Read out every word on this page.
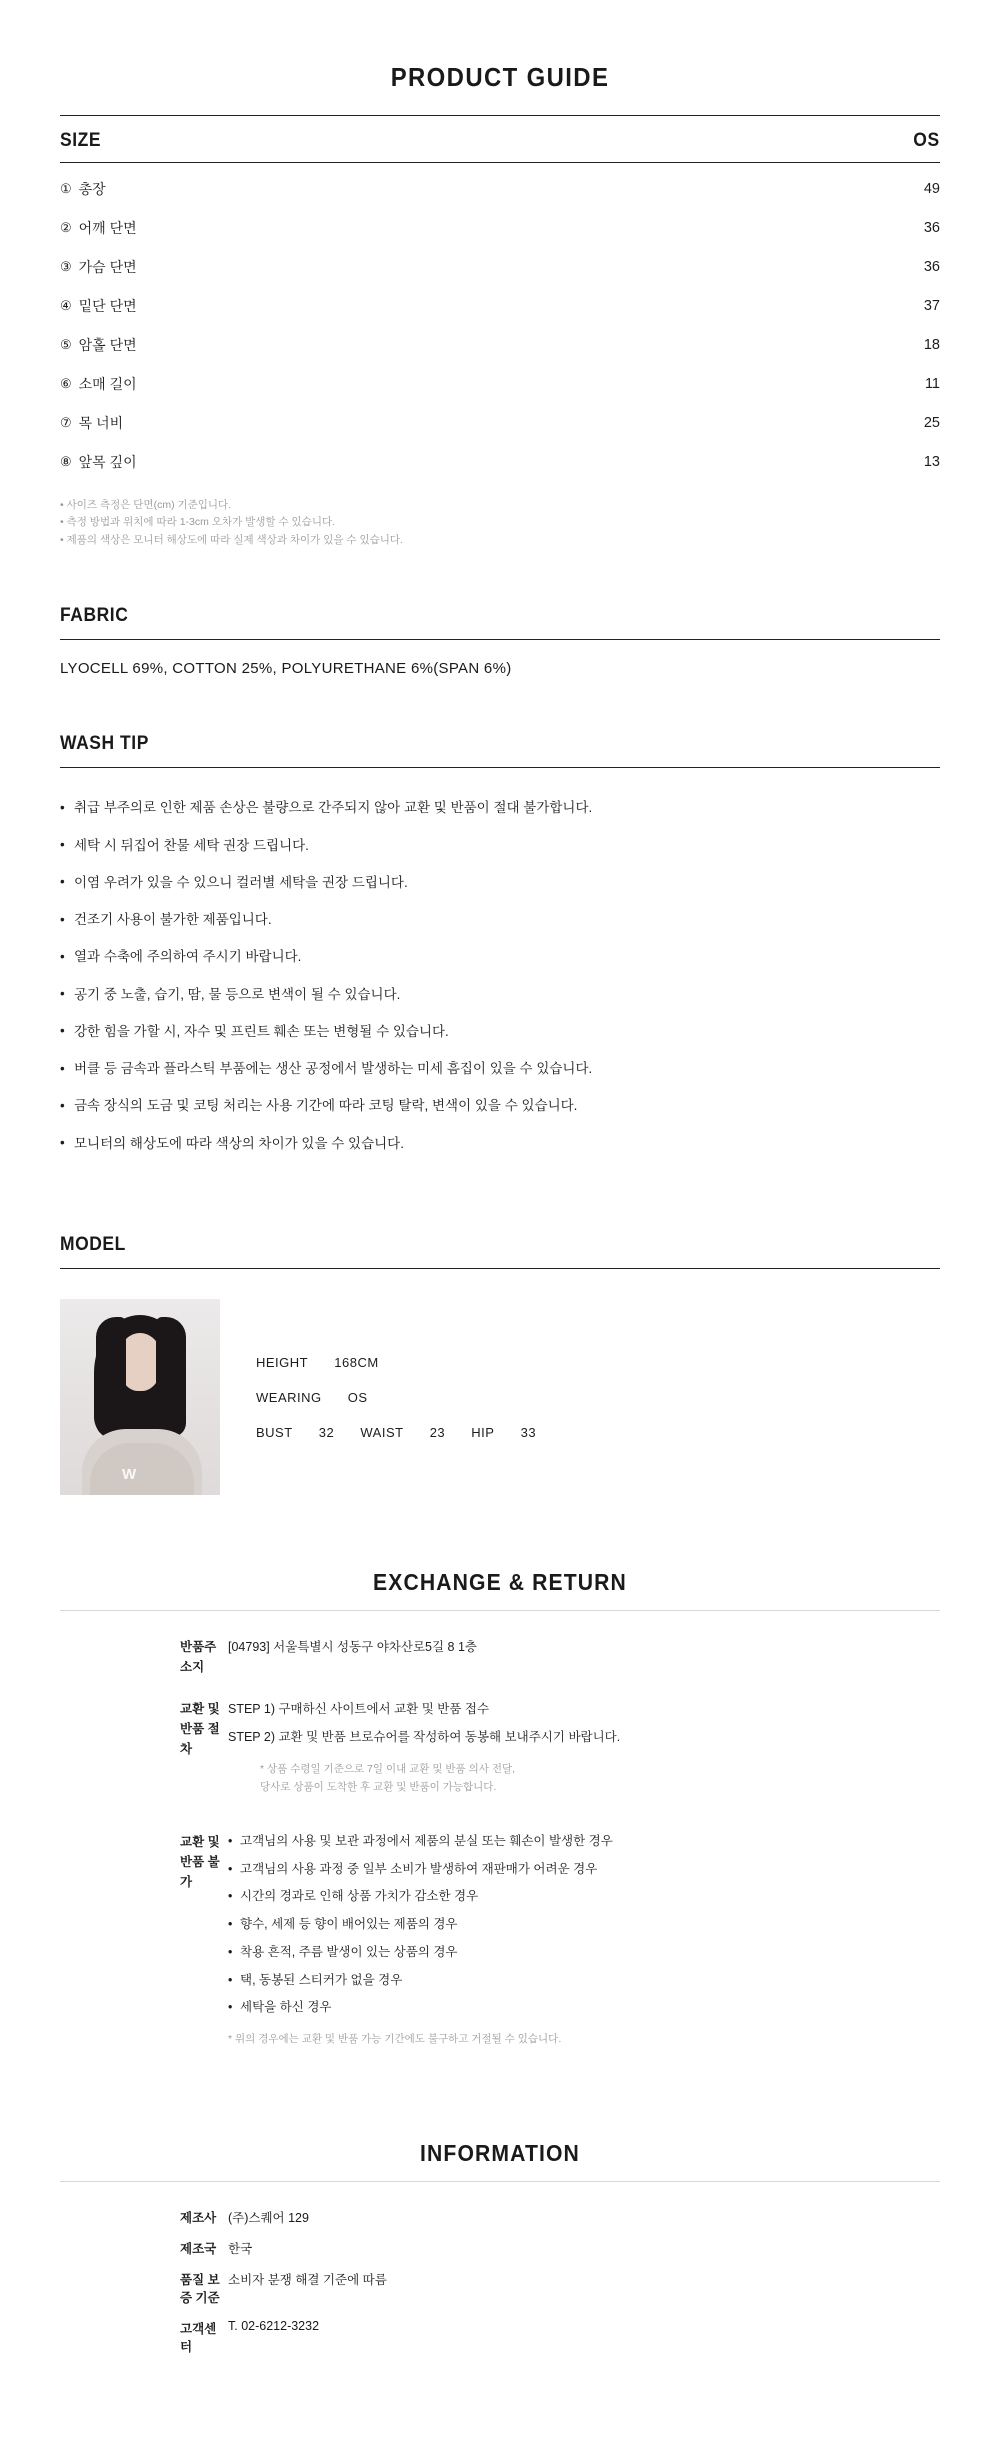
PRODUCT GUIDE
SIZE	OS
① 총장	49
② 어깨 단면	36
③ 가슴 단면	36
④ 밑단 단면	37
⑤ 암홀 단면	18
⑥ 소매 길이	11
⑦ 목 너비	25
⑧ 앞목 깊이	13
• 사이즈 측정은 단면(cm) 기준입니다.
• 측정 방법과 위치에 따라 1-3cm 오차가 발생할 수 있습니다.
• 제품의 색상은 모니터 해상도에 따라 실제 색상과 차이가 있을 수 있습니다.
FABRIC
LYOCELL 69%, COTTON 25%, POLYURETHANE 6%(SPAN 6%)
WASH TIP
• 취급 부주의로 인한 제품 손상은 불량으로 간주되지 않아 교환 및 반품이 절대 불가합니다.
• 세탁 시 뒤집어 찬물 세탁 권장 드립니다.
• 이염 우려가 있을 수 있으니 컬러별 세탁을 권장 드립니다.
• 건조기 사용이 불가한 제품입니다.
• 열과 수축에 주의하여 주시기 바랍니다.
• 공기 중 노출, 습기, 땀, 물 등으로 변색이 될 수 있습니다.
• 강한 힘을 가할 시, 자수 및 프린트 훼손 또는 변형될 수 있습니다.
• 버클 등 금속과 플라스틱 부품에는 생산 공정에서 발생하는 미세 흠집이 있을 수 있습니다.
• 금속 장식의 도금 및 코팅 처리는 사용 기간에 따라 코팅 탈락, 변색이 있을 수 있습니다.
• 모니터의 해상도에 따라 색상의 차이가 있을 수 있습니다.
MODEL
W
HEIGHT 168CM
WEARING OS
BUST 32 WAIST 23 HIP 33
EXCHANGE & RETURN
반품주소지
[04793] 서울특별시 성동구 야차산로5길 8 1층
교환 및 반품 절차
STEP 1) 구매하신 사이트에서 교환 및 반품 접수
STEP 2) 교환 및 반품 브로슈어를 작성하여 동봉해 보내주시기 바랍니다.
* 상품 수령일 기준으로 7일 이내 교환 및 반품 의사 전달,
당사로 상품이 도착한 후 교환 및 반품이 가능합니다.
교환 및 반품 불가
• 고객님의 사용 및 보관 과정에서 제품의 분실 또는 훼손이 발생한 경우
• 고객님의 사용 과정 중 일부 소비가 발생하여 재판매가 어려운 경우
• 시간의 경과로 인해 상품 가치가 감소한 경우
• 향수, 세제 등 향이 배어있는 제품의 경우
• 착용 흔적, 주름 발생이 있는 상품의 경우
• 택, 동봉된 스티커가 없을 경우
• 세탁을 하신 경우
* 위의 경우에는 교환 및 반품 가능 기간에도 불구하고 거절될 수 있습니다.
INFORMATION
제조사 (주)스퀘어 129
제조국 한국
품질 보증 기준
소비자 분쟁 해결 기준에 따름
고객센터
T. 02-6212-3232
